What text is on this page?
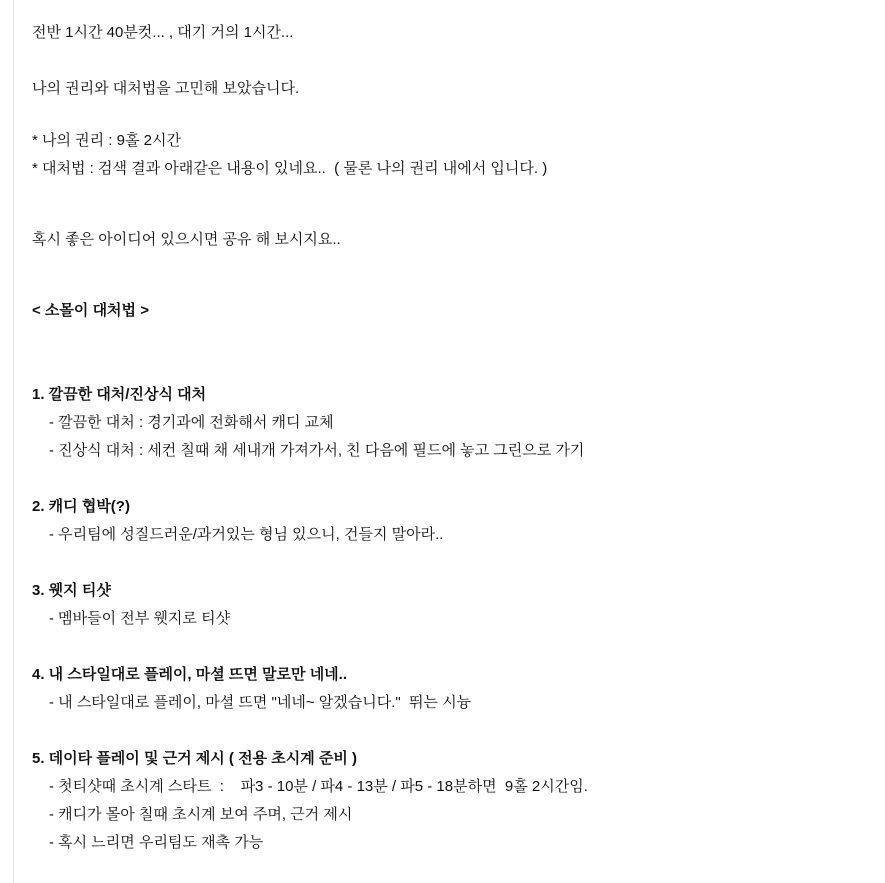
전반 1시간 40분컷... , 대기 거의 1시간...
나의 권리와 대처법을 고민해 보았습니다.
* 나의 권리 : 9홀 2시간
* 대처법 : 검색 결과 아래같은 내용이 있네요..  ( 물론 나의 권리 내에서 입니다. )
혹시 좋은 아이디어 있으시면 공유 해 보시지요..
< 소몰이 대처법 >
1. 깔끔한 대처/진상식 대처
- 깔끔한 대처 : 경기과에 전화해서 캐디 교체
- 진상식 대처 : 세컨 칠때 채 세내개 가져가서, 친 다음에 필드에 놓고 그린으로 가기
2. 캐디 협박(?)
- 우리팀에 성질드러운/과거있는 형님 있으니, 건들지 말아라..
3. 웻지 티샷
- 멤바들이 전부 웻지로 티샷
4. 내 스타일대로 플레이, 마셜 뜨면 말로만 네네..
- 내 스타일대로 플레이, 마셜 뜨면 "네네~ 알겠습니다."  뛰는 시늉
5. 데이타 플레이 및 근거 제시 ( 전용 초시계 준비 )
- 첫티샷때 초시계 스타트  :    파3 - 10분 / 파4 - 13분 / 파5 - 18분하면  9홀 2시간임.
- 캐디가 몰아 칠때 초시계 보여 주며, 근거 제시
- 혹시 느리면 우리팀도 재촉 가능
